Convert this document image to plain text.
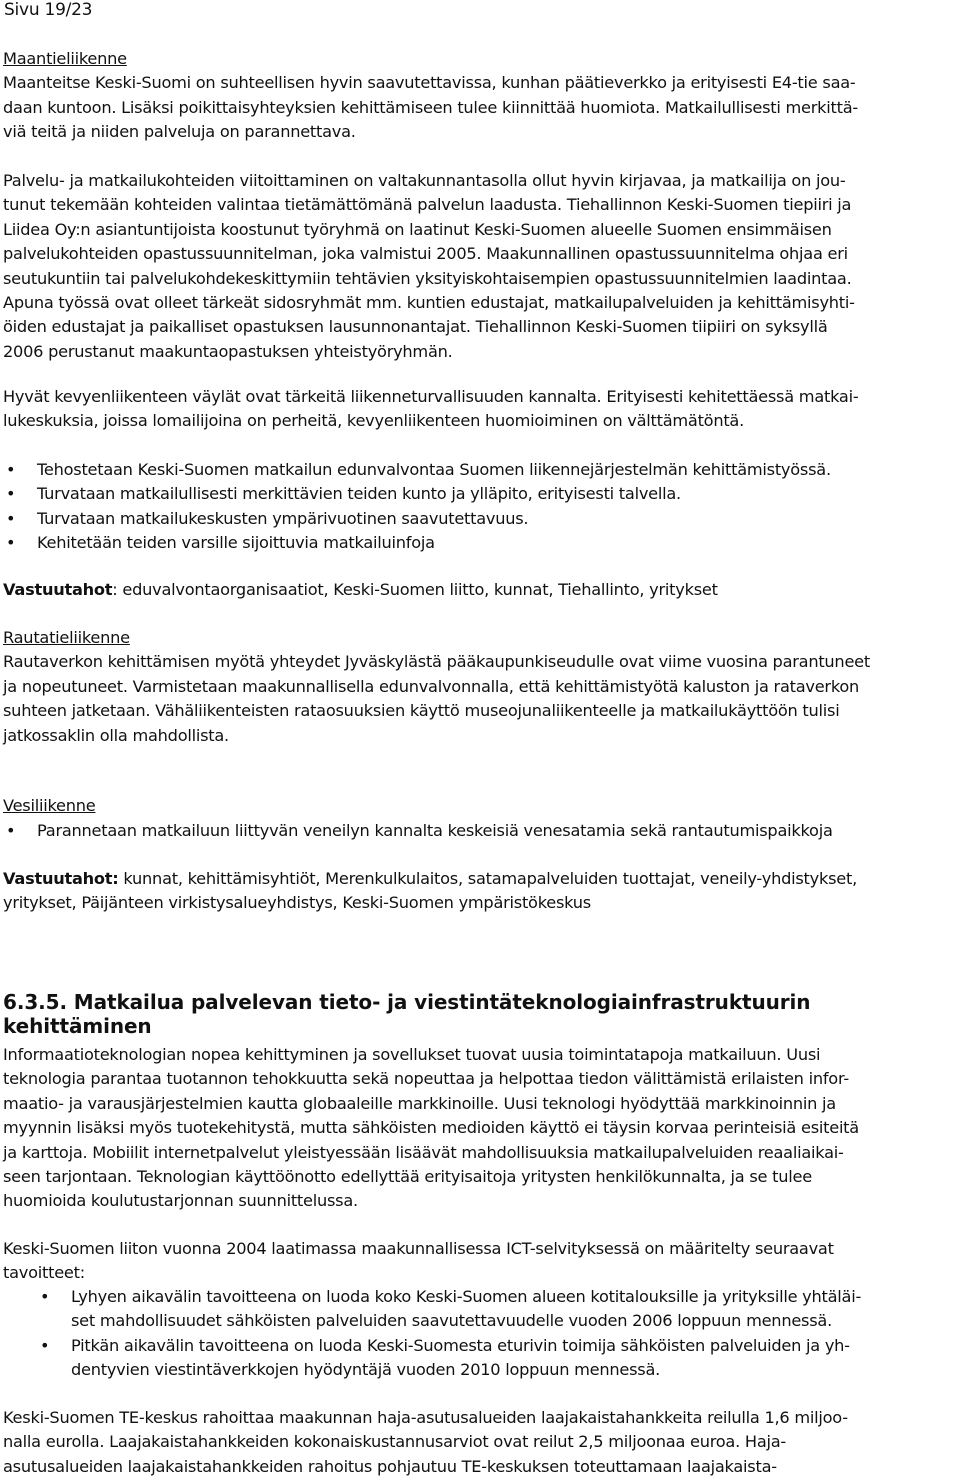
Sivu 19/23
Maantieliikenne
Maanteitse Keski-Suomi on suhteellisen hyvin saavutettavissa, kunhan päätieverkko ja erityisesti E4-tie saa-
daan kuntoon. Lisäksi poikittaisyhteyksien kehittämiseen tulee kiinnittää huomiota. Matkailullisesti merkittä-
viä teitä ja niiden palveluja on parannettava.
Palvelu- ja matkailukohteiden viitoittaminen on valtakunnantasolla ollut hyvin kirjavaa, ja matkailija on jou-
tunut tekemään kohteiden valintaa tietämättömänä palvelun laadusta. Tiehallinnon Keski-Suomen tiepiiri ja
Liidea Oy:n asiantuntijoista koostunut työryhmä on laatinut Keski-Suomen alueelle Suomen ensimmäisen
palvelukohteiden opastussuunnitelman, joka valmistui 2005. Maakunnallinen opastussuunnitelma ohjaa eri
seutukuntiin tai palvelukohdekeskittymiin tehtävien yksityiskohtaisempien opastussuunnitelmien laadintaa.
Apuna työssä ovat olleet tärkeät sidosryhmät mm. kuntien edustajat, matkailupalveluiden ja kehittämisyhti-
öiden edustajat ja paikalliset opastuksen lausunnonantajat. Tiehallinnon Keski-Suomen tiipiiri on syksyllä
2006 perustanut maakuntaopastuksen yhteistyöryhmän.
Hyvät kevyenliikenteen väylät ovat tärkeitä liikenneturvallisuuden kannalta. Erityisesti kehitettäessä matkai-
lukeskuksia, joissa lomailijoina on perheitä, kevyenliikenteen huomioiminen on välttämätöntä.
• Tehostetaan Keski-Suomen matkailun edunvalvontaa Suomen liikennejärjestelmän kehittämistyössä.
• Turvataan matkailullisesti merkittävien teiden kunto ja ylläpito, erityisesti talvella.
• Turvataan matkailukeskusten ympärivuotinen saavutettavuus.
• Kehitetään teiden varsille sijoittuvia matkailuinfoja
Vastuutahot: eduvalvontaorganisaatiot, Keski-Suomen liitto, kunnat, Tiehallinto, yritykset
Rautatieliikenne
Rautaverkon kehittämisen myötä yhteydet Jyväskylästä pääkaupunkiseudulle ovat viime vuosina parantuneet
ja nopeutuneet. Varmistetaan maakunnallisella edunvalvonnalla, että kehittämistyötä kaluston ja rataverkon
suhteen jatketaan. Vähäliikenteisten rataosuuksien käyttö museojunaliikenteelle ja matkailukäyttöön tulisi
jatkossaklin olla mahdollista.
Vesiliikenne
• Parannetaan matkailuun liittyvän veneilyn kannalta keskeisiä venesatamia sekä rantautumispaikkoja
Vastuutahot: kunnat, kehittämisyhtiöt, Merenkulkulaitos, satamapalveluiden tuottajat, veneily-yhdistykset,
yritykset, Päijänteen virkistysalueyhdistys, Keski-Suomen ympäristökeskus
6.3.5. Matkailua palvelevan tieto- ja viestintäteknologiainfrastruktuurin kehittäminen
Informaatioteknologian nopea kehittyminen ja sovellukset tuovat uusia toimintatapoja matkailuun. Uusi
teknologia parantaa tuotannon tehokkuutta sekä nopeuttaa ja helpottaa tiedon välittämistä erilaisten infor-
maatio- ja varausjärjestelmien kautta globaaleille markkinoille. Uusi teknologi hyödyttää markkinoinnin ja
myynnin lisäksi myös tuotekehitystä, mutta sähköisten medioiden käyttö ei täysin korvaa perinteisiä esiteitä
ja karttoja. Mobiilit internetpalvelut yleistyessään lisäävät mahdollisuuksia matkailupalveluiden reaaliaikai-
seen tarjontaan. Teknologian käyttöönotto edellyttää erityisaitoja yritysten henkilökunnalta, ja se tulee
huomioida koulutustarjonnan suunnittelussa.
Keski-Suomen liiton vuonna 2004 laatimassa maakunnallisessa ICT-selvityksessä on määritelty seuraavat
tavoitteet:
• Lyhyen aikavälin tavoitteena on luoda koko Keski-Suomen alueen kotitalouksille ja yrityksille yhtäläi-
set mahdollisuudet sähköisten palveluiden saavutettavuudelle vuoden 2006 loppuun mennessä.
• Pitkän aikavälin tavoitteena on luoda Keski-Suomesta eturivin toimija sähköisten palveluiden ja yh-
dentyvien viestintäverkkojen hyödyntäjä vuoden 2010 loppuun mennessä.
Keski-Suomen TE-keskus rahoittaa maakunnan haja-asutusalueiden laajakaistahankkeita reilulla 1,6 miljoo-
nalla eurolla. Laajakaistahankkeiden kokonaiskustannusarviot ovat reilut 2,5 miljoonaa euroa. Haja-
asutusalueiden laajakaistahankkeiden rahoitus pohjautuu TE-keskuksen toteuttamaan laajakaista-
